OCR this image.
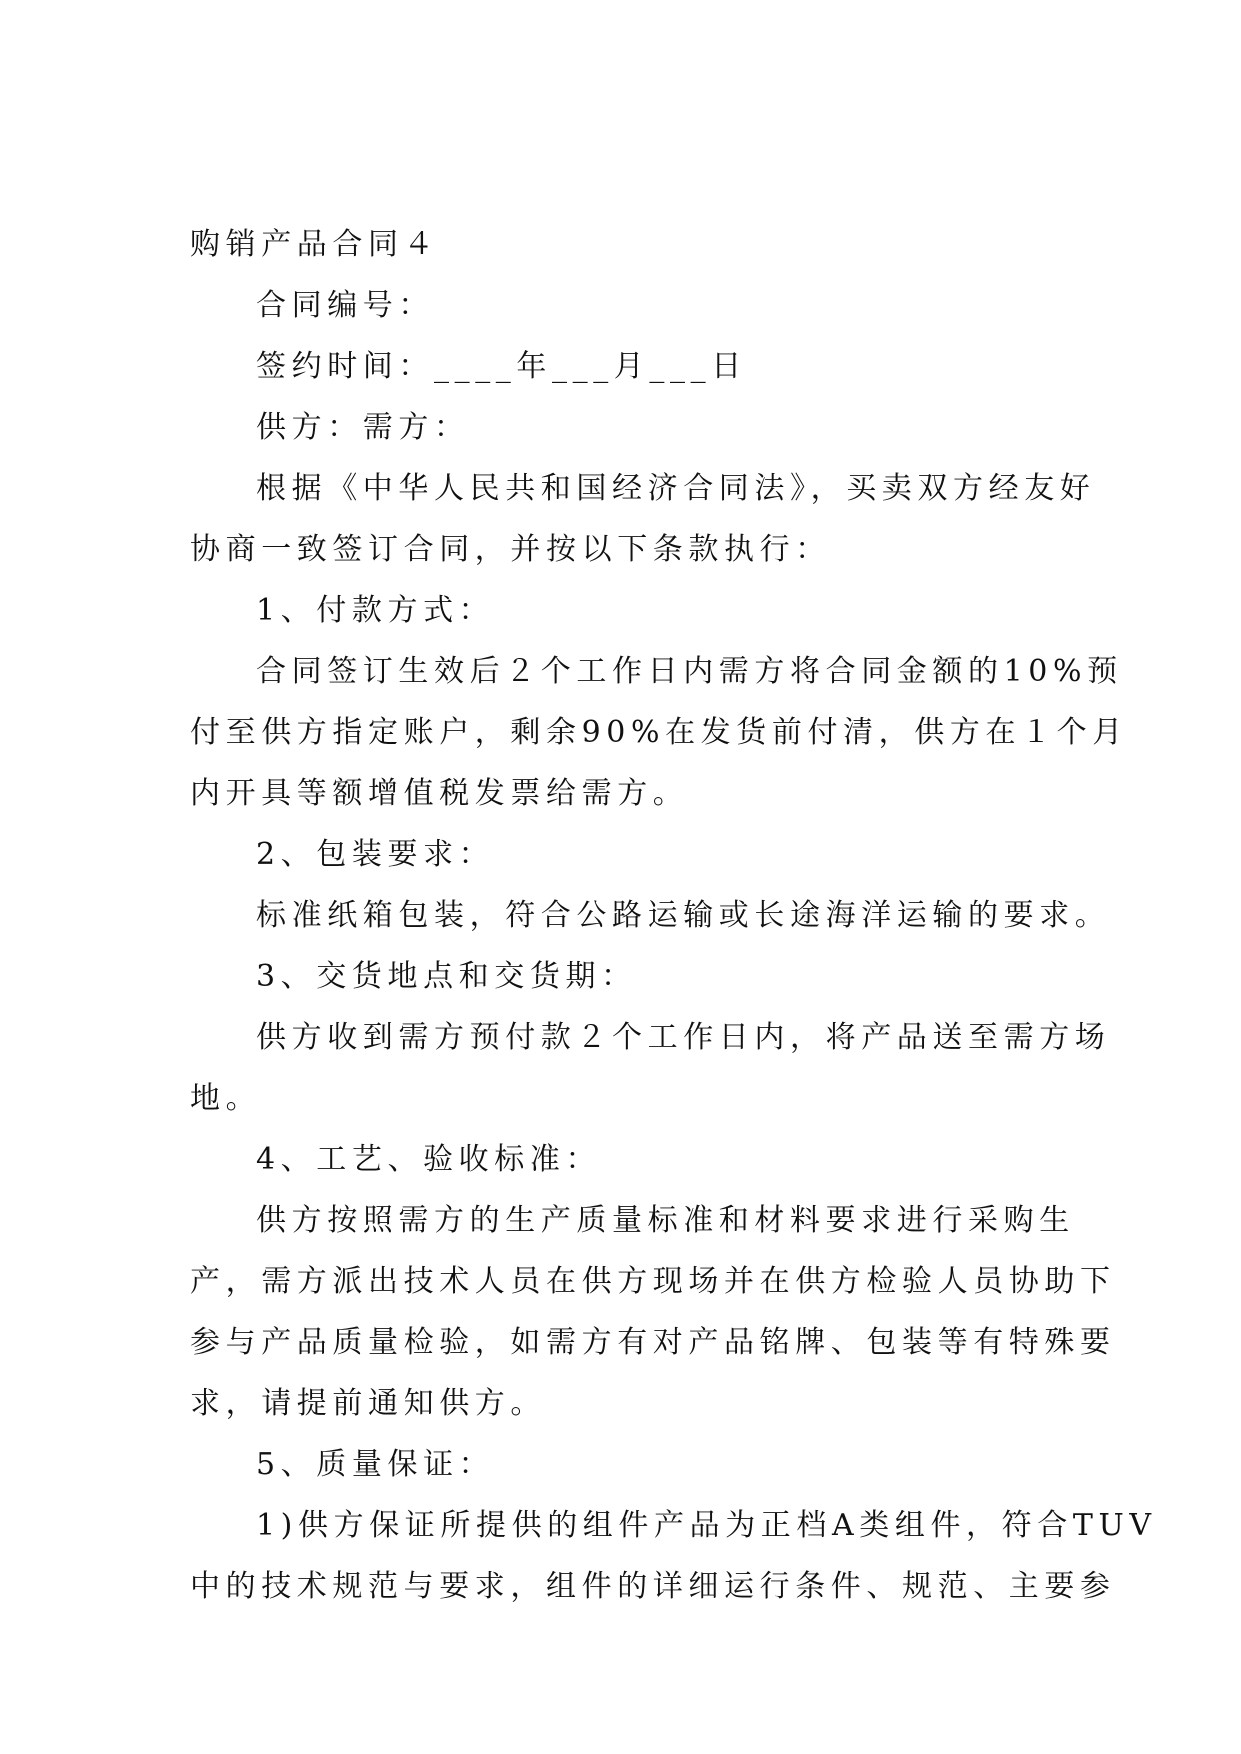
购销产品合同４
合同编号：
签约时间：____年___月___日
供方：需方：
根据《中华人民共和国经济合同法》，买卖双方经友好
协商一致签订合同，并按以下条款执行：
1、付款方式：
合同签订生效后２个工作日内需方将合同金额的10%预
付至供方指定账户，剩余90%在发货前付清，供方在１个月
内开具等额增值税发票给需方。
2、包装要求：
标准纸箱包装，符合公路运输或长途海洋运输的要求。
3、交货地点和交货期：
供方收到需方预付款２个工作日内，将产品送至需方场
地。
4、工艺、验收标准：
供方按照需方的生产质量标准和材料要求进行采购生
产，需方派出技术人员在供方现场并在供方检验人员协助下
参与产品质量检验，如需方有对产品铭牌、包装等有特殊要
求，请提前通知供方。
5、质量保证：
1)供方保证所提供的组件产品为正档A类组件，符合TUV
中的技术规范与要求，组件的详细运行条件、规范、主要参
